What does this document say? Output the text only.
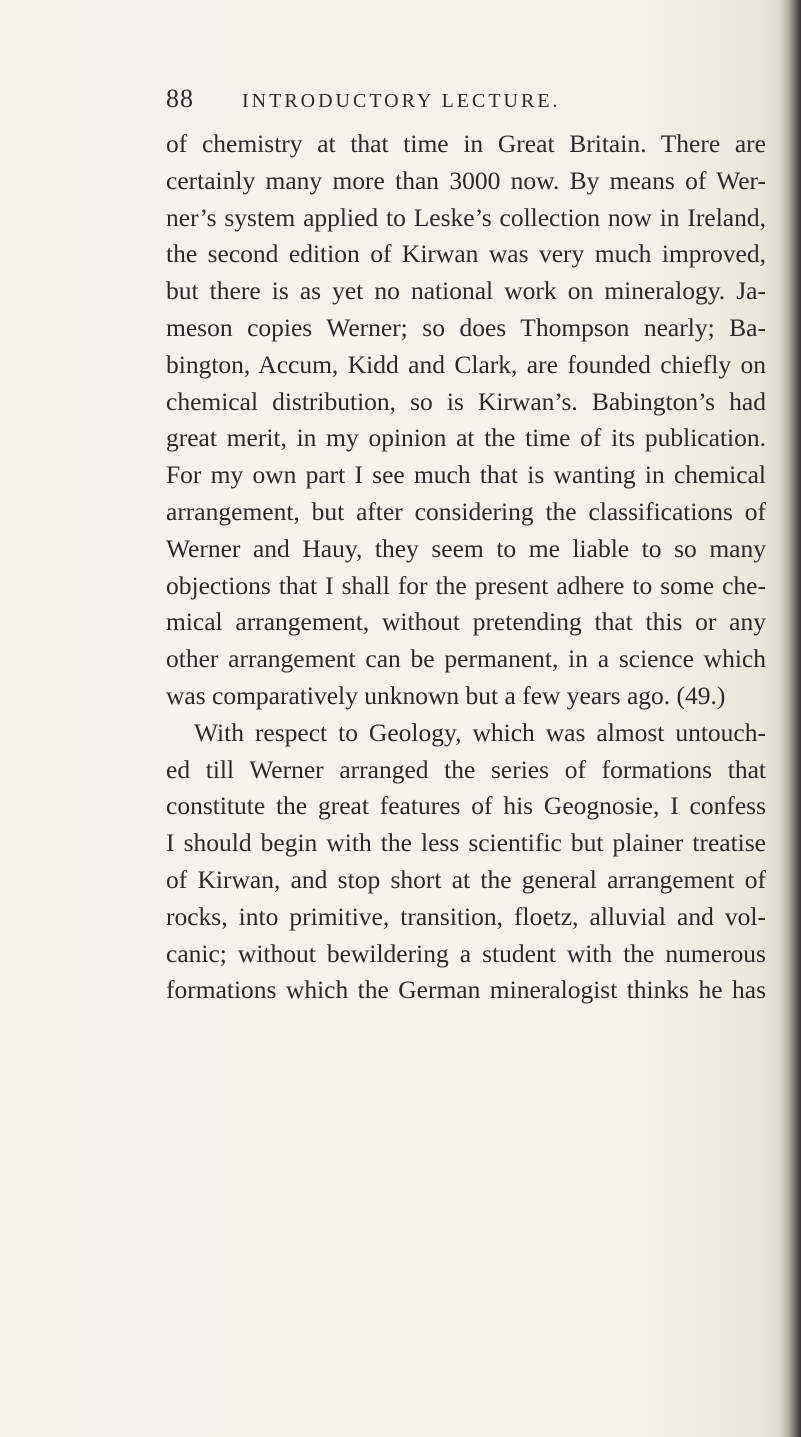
88 INTRODUCTORY LECTURE.
of chemistry at that time in Great Britain. There are
certainly many more than 3000 now. By means of Wer-
ner’s system applied to Leske’s collection now in Ireland,
the second edition of Kirwan was very much improved,
but there is as yet no national work on mineralogy. Ja-
meson copies Werner; so does Thompson nearly; Ba-
bington, Accum, Kidd and Clark, are founded chiefly on
chemical distribution, so is Kirwan’s. Babington’s had
great merit, in my opinion at the time of its publication.
For my own part I see much that is wanting in chemical
arrangement, but after considering the classifications of
Werner and Hauy, they seem to me liable to so many
objections that I shall for the present adhere to some che-
mical arrangement, without pretending that this or any
other arrangement can be permanent, in a science which
was comparatively unknown but a few years ago. (49.)
With respect to Geology, which was almost untouch-
ed till Werner arranged the series of formations that
constitute the great features of his Geognosie, I confess
I should begin with the less scientific but plainer treatise
of Kirwan, and stop short at the general arrangement of
rocks, into primitive, transition, floetz, alluvial and vol-
canic; without bewildering a student with the numerous
formations which the German mineralogist thinks he has
